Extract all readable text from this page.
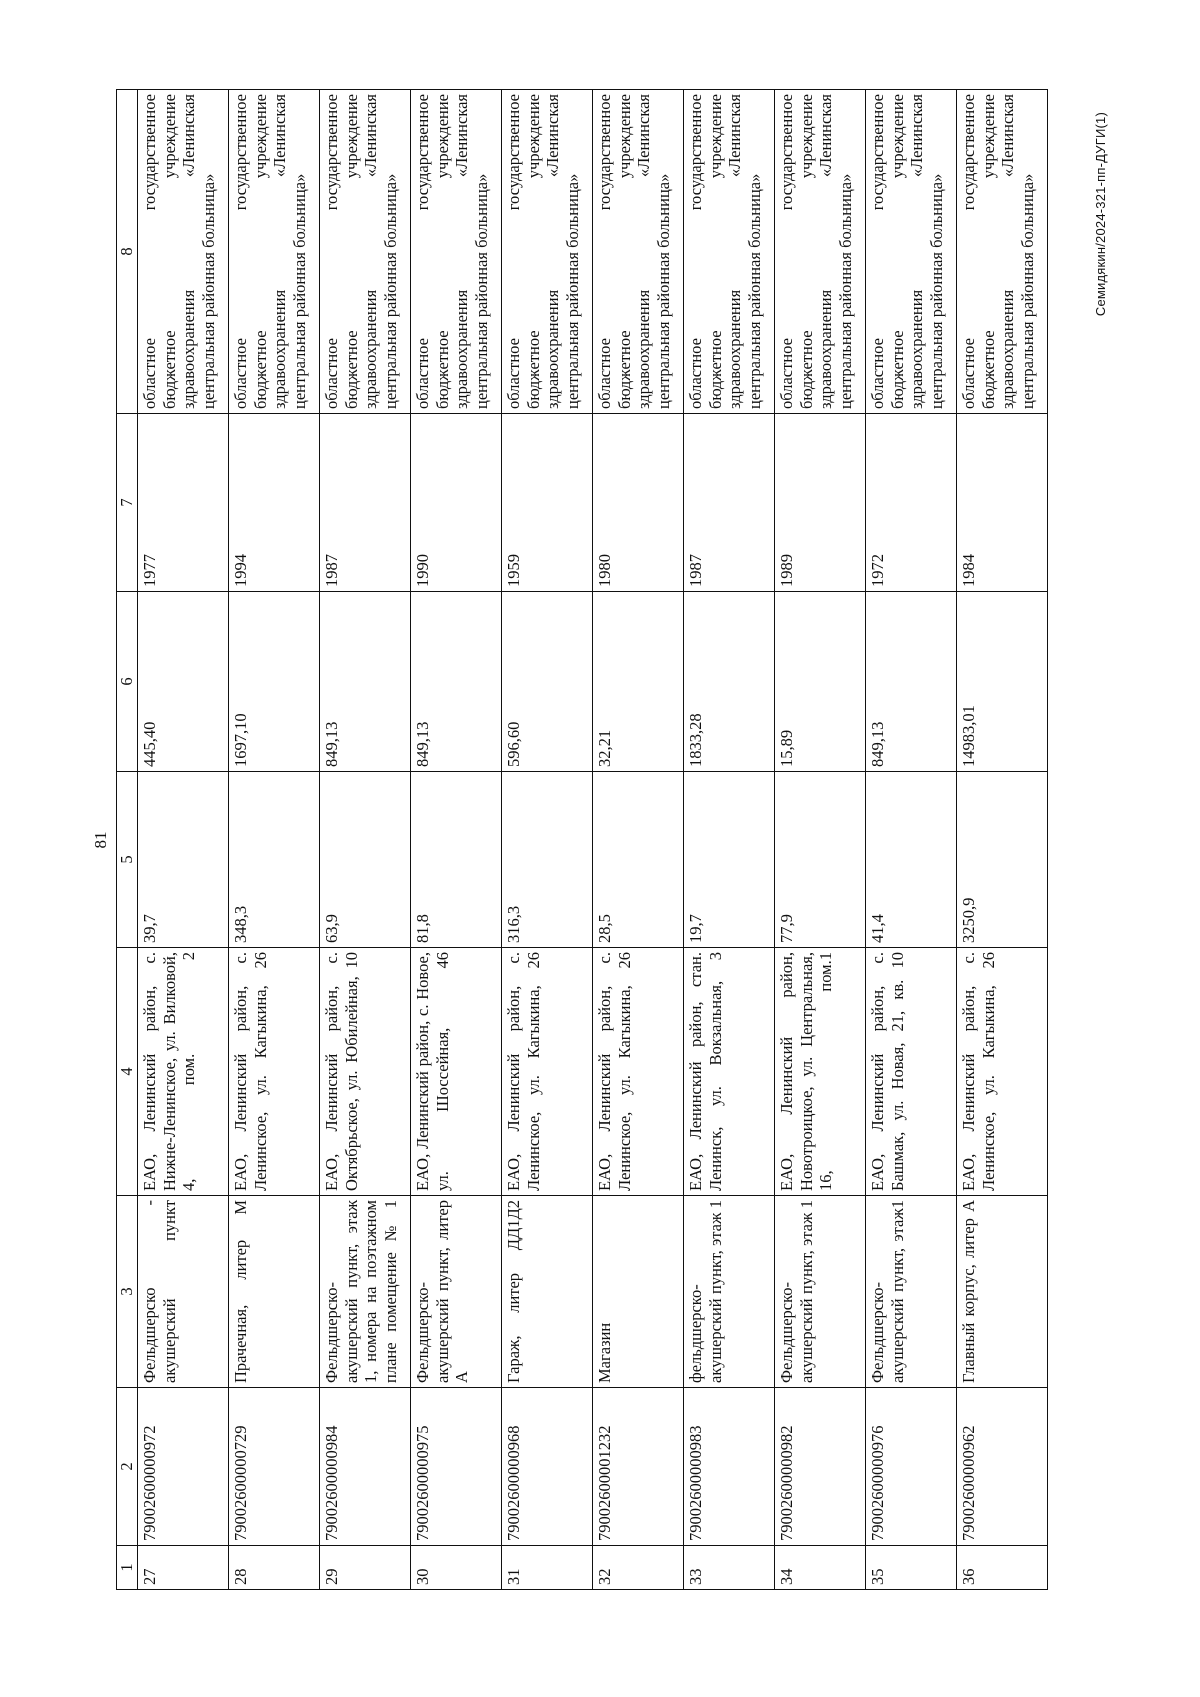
81
1	2	3	4	5	6	7	8
27	790026000009​72	Фельдшерско - акушерский пункт	ЕАО, Ленинский район, с. Нижне-Ленинское, ул. Вилковой, 4, пом. 2	39,7	445,40	1977	областное государственное бюджетное учреждение здравоохранения «Ленинская центральная районная больница»

28	790026000007​29	Прачечная, литер М	ЕАО, Ленинский район, с. Ленинское, ул. Кагыкина, 26	348,3	1697,10	1994	областное государственное бюджетное учреждение здравоохранения «Ленинская центральная районная больница»

29	790026000009​84	Фельдшерско-акушерский пункт, этаж 1, номера на поэтажном плане помещение № 1	ЕАО, Ленинский район, с. Октябрьское, ул. Юбилейная, 10	63,9	849,13	1987	областное государственное бюджетное учреждение здравоохранения «Ленинская центральная районная больница»

30	790026000009​75	Фельдшерско-акушерский пункт, литер А	ЕАО, Ленинский район, с. Новое, ул. Шоссейная, 46	81,8	849,13	1990	областное государственное бюджетное учреждение здравоохранения «Ленинская центральная районная больница»

31	790026000009​68	Гараж, литер ДД1Д2	ЕАО, Ленинский район, с. Ленинское, ул. Кагыкина, 26	316,3	596,60	1959	областное государственное бюджетное учреждение здравоохранения «Ленинская центральная районная больница»

32	790026000012​32	Магазин	ЕАО, Ленинский район, с. Ленинское, ул. Кагыкина, 26	28,5	32,21	1980	областное государственное бюджетное учреждение здравоохранения «Ленинская центральная районная больница»

33	790026000009​83	фельдшерско-акушерский пункт, этаж 1	ЕАО, Ленинский район, стан. Ленинск, ул. Вокзальная, 3	19,7	1833,28	1987	областное государственное бюджетное учреждение здравоохранения «Ленинская центральная районная больница»

34	790026000009​82	Фельдшерско-акушерский пункт, этаж 1	ЕАО, Ленинский район, Новотроицкое, ул. Центральная, 16, пом.1	77,9	15,89	1989	областное государственное бюджетное учреждение здравоохранения «Ленинская центральная районная больница»

35	790026000009​76	Фельдшерско-акушерский пункт, этаж1	ЕАО, Ленинский район, с. Башмак, ул. Новая, 21, кв. 10	41,4	849,13	1972	областное государственное бюджетное учреждение здравоохранения «Ленинская центральная районная больница»

36	790026000009​62	Главный корпус, литер А	ЕАО, Ленинский район, с. Ленинское, ул. Кагыкина, 26	3250,9	14983,01	1984	областное государственное бюджетное учреждение здравоохранения «Ленинская центральная районная больница»	Семидякин/2024-321-пп-ДУГИ(1)
